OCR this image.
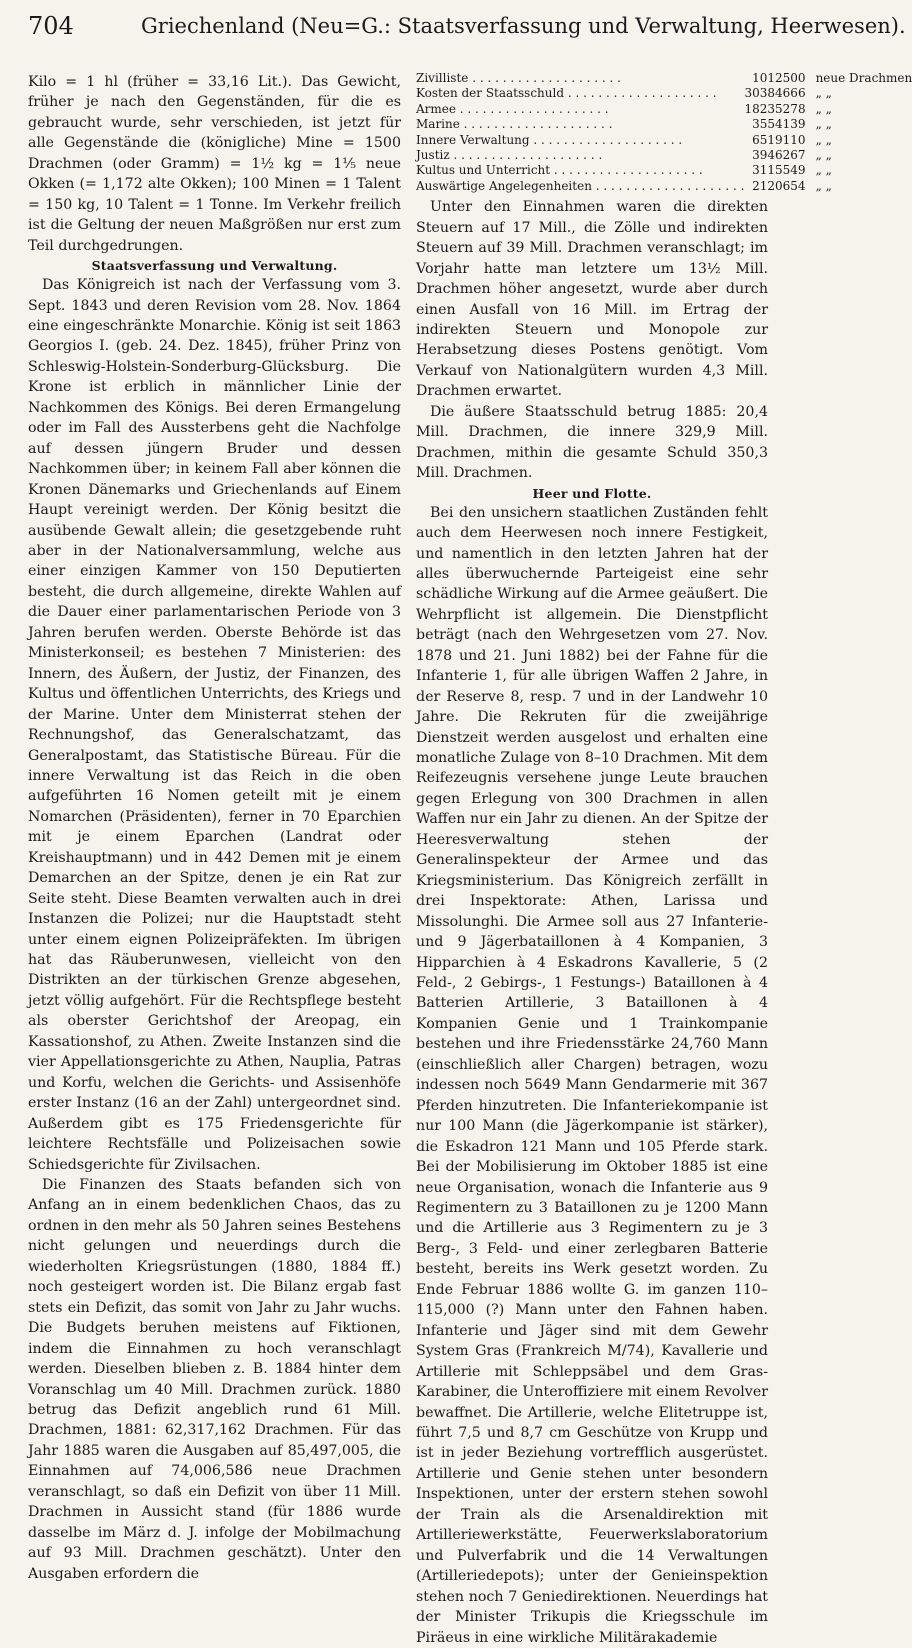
704	Griechenland (Neu=G.: Staatsverfassung und Verwaltung, Heerwesen).

Kilo = 1 hl (früher = 33,16 Lit.). Das Gewicht, früher je nach den Gegenständen, für die es gebraucht wurde, sehr verschieden, ist jetzt für alle Gegenstände die (königliche) Mine = 1500 Drachmen (oder Gramm) = 1½ kg = 1⅕ neue Okken (= 1,172 alte Okken); 100 Minen = 1 Talent = 150 kg, 10 Talent = 1 Tonne. Im Verkehr freilich ist die Geltung der neuen Maßgrößen nur erst zum Teil durchgedrungen.

Staatsverfassung und Verwaltung.

Das Königreich ist nach der Verfassung vom 3. Sept. 1843 und deren Revision vom 28. Nov. 1864 eine eingeschränkte Monarchie. König ist seit 1863 Georgios I. (geb. 24. Dez. 1845), früher Prinz von Schleswig-Holstein-Sonderburg-Glücksburg. Die Krone ist erblich in männlicher Linie der Nachkommen des Königs. Bei deren Ermangelung oder im Fall des Aussterbens geht die Nachfolge auf dessen jüngern Bruder und dessen Nachkommen über; in keinem Fall aber können die Kronen Dänemarks und Griechenlands auf Einem Haupt vereinigt werden. Der König besitzt die ausübende Gewalt allein; die gesetzgebende ruht aber in der Nationalversammlung, welche aus einer einzigen Kammer von 150 Deputierten besteht, die durch allgemeine, direkte Wahlen auf die Dauer einer parlamentarischen Periode von 3 Jahren berufen werden. Oberste Behörde ist das Ministerkonseil; es bestehen 7 Ministerien: des Innern, des Äußern, der Justiz, der Finanzen, des Kultus und öffentlichen Unterrichts, des Kriegs und der Marine. Unter dem Ministerrat stehen der Rechnungshof, das Generalschatzamt, das Generalpostamt, das Statistische Büreau. Für die innere Verwaltung ist das Reich in die oben aufgeführten 16 Nomen geteilt mit je einem Nomarchen (Präsidenten), ferner in 70 Eparchien mit je einem Eparchen (Landrat oder Kreishauptmann) und in 442 Demen mit je einem Demarchen an der Spitze, denen je ein Rat zur Seite steht. Diese Beamten verwalten auch in drei Instanzen die Polizei; nur die Hauptstadt steht unter einem eignen Polizeipräfekten. Im übrigen hat das Räuberunwesen, vielleicht von den Distrikten an der türkischen Grenze abgesehen, jetzt völlig aufgehört. Für die Rechtspflege besteht als oberster Gerichtshof der Areopag, ein Kassationshof, zu Athen. Zweite Instanzen sind die vier Appellationsgerichte zu Athen, Nauplia, Patras und Korfu, welchen die Gerichts- und Assisenhöfe erster Instanz (16 an der Zahl) untergeordnet sind. Außerdem gibt es 175 Friedensgerichte für leichtere Rechtsfälle und Polizeisachen sowie Schiedsgerichte für Zivilsachen.

Die Finanzen des Staats befanden sich von Anfang an in einem bedenklichen Chaos, das zu ordnen in den mehr als 50 Jahren seines Bestehens nicht gelungen und neuerdings durch die wiederholten Kriegsrüstungen (1880, 1884 ff.) noch gesteigert worden ist. Die Bilanz ergab fast stets ein Defizit, das somit von Jahr zu Jahr wuchs. Die Budgets beruhen meistens auf Fiktionen, indem die Einnahmen zu hoch veranschlagt werden. Dieselben blieben z. B. 1884 hinter dem Voranschlag um 40 Mill. Drachmen zurück. 1880 betrug das Defizit angeblich rund 61 Mill. Drachmen, 1881: 62,317,162 Drachmen. Für das Jahr 1885 waren die Ausgaben auf 85,497,005, die Einnahmen auf 74,006,586 neue Drachmen veranschlagt, so daß ein Defizit von über 11 Mill. Drachmen in Aussicht stand (für 1886 wurde dasselbe im März d. J. infolge der Mobilmachung auf 93 Mill. Drachmen geschätzt). Unter den Ausgaben erfordern die

Zivilliste . . . . . . . . . . . . . . . . . . . .	1012500	neue Drachmen
Kosten der Staatsschuld . . . . . . . . . . . . . . . . . . . .	30384666	„ „
Armee . . . . . . . . . . . . . . . . . . . .	18235278	„ „
Marine . . . . . . . . . . . . . . . . . . . .	3554139	„ „
Innere Verwaltung . . . . . . . . . . . . . . . . . . . .	6519110	„ „
Justiz . . . . . . . . . . . . . . . . . . . .	3946267	„ „
Kultus und Unterricht . . . . . . . . . . . . . . . . . . . .	3115549	„ „
Auswärtige Angelegenheiten . . . . . . . . . . . . . . . . . . . .	2120654	„ „

Unter den Einnahmen waren die direkten Steuern auf 17 Mill., die Zölle und indirekten Steuern auf 39 Mill. Drachmen veranschlagt; im Vorjahr hatte man letztere um 13½ Mill. Drachmen höher angesetzt, wurde aber durch einen Ausfall von 16 Mill. im Ertrag der indirekten Steuern und Monopole zur Herabsetzung dieses Postens genötigt. Vom Verkauf von Nationalgütern wurden 4,3 Mill. Drachmen erwartet.

Die äußere Staatsschuld betrug 1885: 20,4 Mill. Drachmen, die innere 329,9 Mill. Drachmen, mithin die gesamte Schuld 350,3 Mill. Drachmen.

Heer und Flotte.

Bei den unsichern staatlichen Zuständen fehlt auch dem Heerwesen noch innere Festigkeit, und namentlich in den letzten Jahren hat der alles überwuchernde Parteigeist eine sehr schädliche Wirkung auf die Armee geäußert. Die Wehrpflicht ist allgemein. Die Dienstpflicht beträgt (nach den Wehrgesetzen vom 27. Nov. 1878 und 21. Juni 1882) bei der Fahne für die Infanterie 1, für alle übrigen Waffen 2 Jahre, in der Reserve 8, resp. 7 und in der Landwehr 10 Jahre. Die Rekruten für die zweijährige Dienstzeit werden ausgelost und erhalten eine monatliche Zulage von 8–10 Drachmen. Mit dem Reifezeugnis versehene junge Leute brauchen gegen Erlegung von 300 Drachmen in allen Waffen nur ein Jahr zu dienen. An der Spitze der Heeresverwaltung stehen der Generalinspekteur der Armee und das Kriegsministerium. Das Königreich zerfällt in drei Inspektorate: Athen, Larissa und Missolunghi. Die Armee soll aus 27 Infanterie- und 9 Jägerbataillonen à 4 Kompanien, 3 Hipparchien à 4 Eskadrons Kavallerie, 5 (2 Feld-, 2 Gebirgs-, 1 Festungs-) Bataillonen à 4 Batterien Artillerie, 3 Bataillonen à 4 Kompanien Genie und 1 Trainkompanie bestehen und ihre Friedensstärke 24,760 Mann (einschließlich aller Chargen) betragen, wozu indessen noch 5649 Mann Gendarmerie mit 367 Pferden hinzutreten. Die Infanteriekompanie ist nur 100 Mann (die Jägerkompanie ist stärker), die Eskadron 121 Mann und 105 Pferde stark. Bei der Mobilisierung im Oktober 1885 ist eine neue Organisation, wonach die Infanterie aus 9 Regimentern zu 3 Bataillonen zu je 1200 Mann und die Artillerie aus 3 Regimentern zu je 3 Berg-, 3 Feld- und einer zerlegbaren Batterie besteht, bereits ins Werk gesetzt worden. Zu Ende Februar 1886 wollte G. im ganzen 110–115,000 (?) Mann unter den Fahnen haben. Infanterie und Jäger sind mit dem Gewehr System Gras (Frankreich M/74), Kavallerie und Artillerie mit Schleppsäbel und dem Gras-Karabiner, die Unteroffiziere mit einem Revolver bewaffnet. Die Artillerie, welche Elitetruppe ist, führt 7,5 und 8,7 cm Geschütze von Krupp und ist in jeder Beziehung vortrefflich ausgerüstet. Artillerie und Genie stehen unter besondern Inspektionen, unter der erstern stehen sowohl der Train als die Arsenaldirektion mit Artilleriewerkstätte, Feuerwerkslaboratorium und Pulverfabrik und die 14 Verwaltungen (Artilleriedepots); unter der Genieinspektion stehen noch 7 Geniedirektionen. Neuerdings hat der Minister Trikupis die Kriegsschule im Piräeus in eine wirkliche Militärakademie
